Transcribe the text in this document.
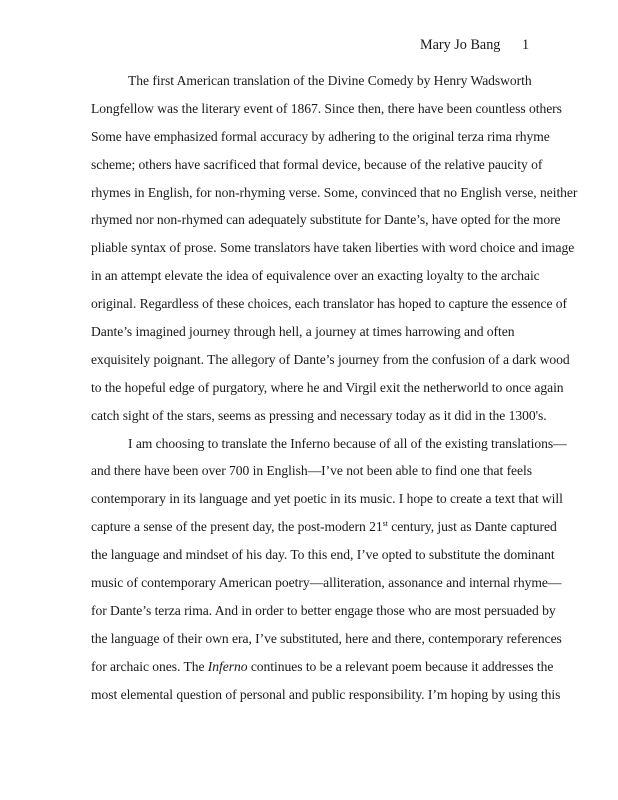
Mary Jo Bang 1
The first American translation of the Divine Comedy by Henry Wadsworth
Longfellow was the literary event of 1867. Since then, there have been countless others
Some have emphasized formal accuracy by adhering to the original terza rima rhyme
scheme; others have sacrificed that formal device, because of the relative paucity of
rhymes in English, for non-rhyming verse. Some, convinced that no English verse, neither
rhymed nor non-rhymed can adequately substitute for Dante’s, have opted for the more
pliable syntax of prose. Some translators have taken liberties with word choice and image
in an attempt elevate the idea of equivalence over an exacting loyalty to the archaic
original. Regardless of these choices, each translator has hoped to capture the essence of
Dante’s imagined journey through hell, a journey at times harrowing and often
exquisitely poignant. The allegory of Dante’s journey from the confusion of a dark wood
to the hopeful edge of purgatory, where he and Virgil exit the netherworld to once again
catch sight of the stars, seems as pressing and necessary today as it did in the 1300's.
I am choosing to translate the Inferno because of all of the existing translations—
and there have been over 700 in English—I’ve not been able to find one that feels
contemporary in its language and yet poetic in its music. I hope to create a text that will
capture a sense of the present day, the post-modern 21st century, just as Dante captured
the language and mindset of his day. To this end, I’ve opted to substitute the dominant
music of contemporary American poetry—alliteration, assonance and internal rhyme—
for Dante’s terza rima. And in order to better engage those who are most persuaded by
the language of their own era, I’ve substituted, here and there, contemporary references
for archaic ones. The Inferno continues to be a relevant poem because it addresses the
most elemental question of personal and public responsibility. I’m hoping by using this
